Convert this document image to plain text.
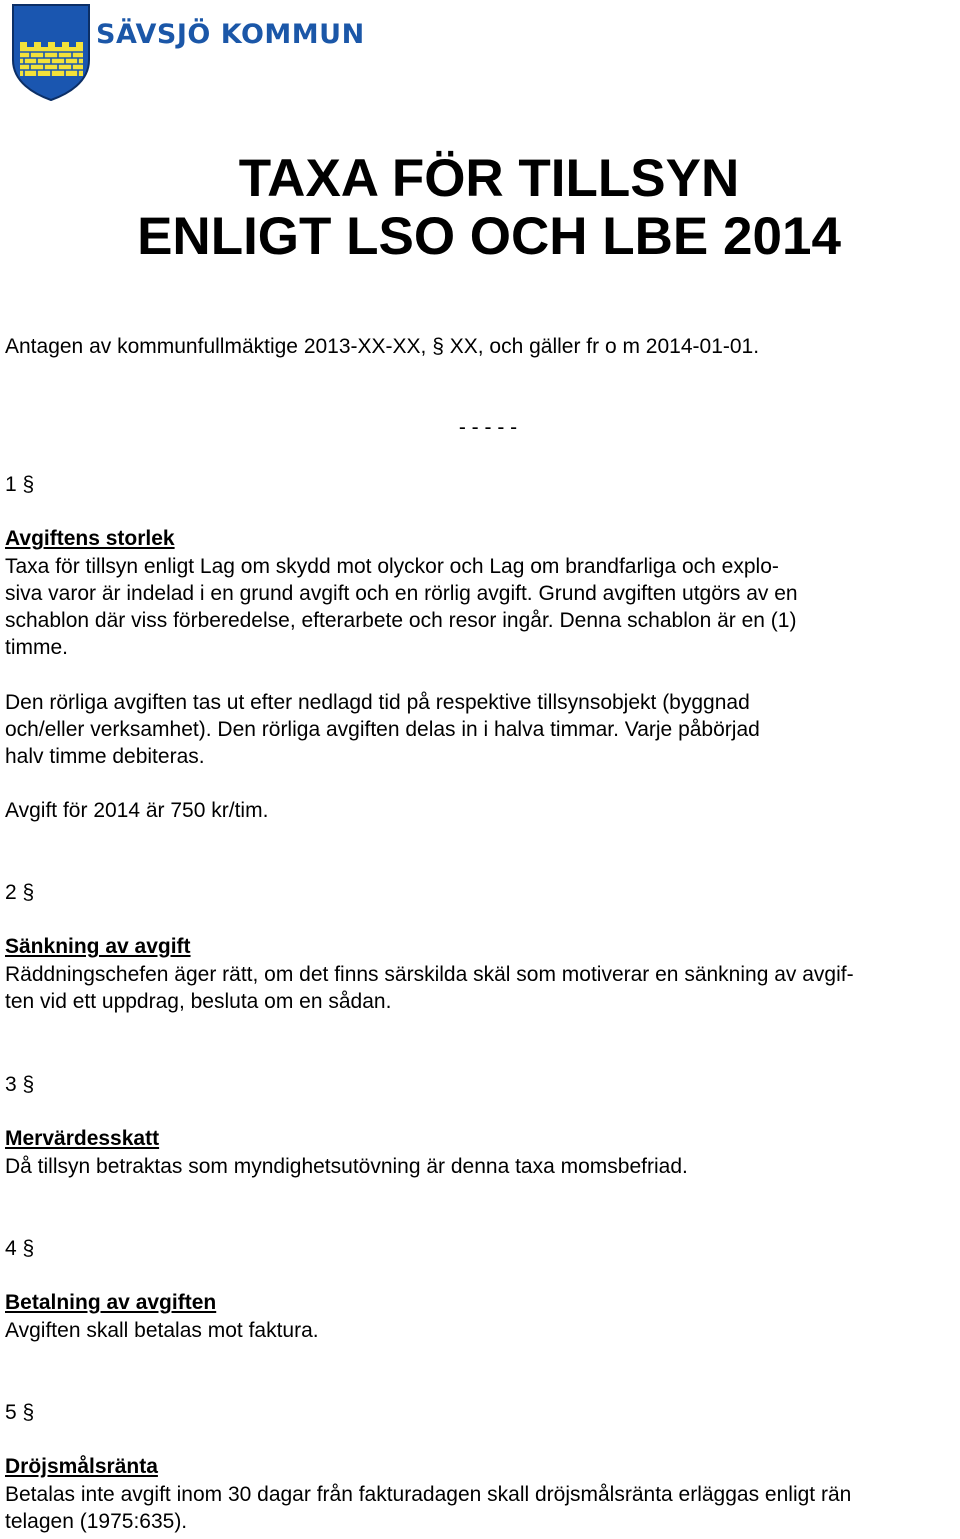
SÄVSJÖ KOMMUN
TAXA FÖR TILLSYN
ENLIGT LSO OCH LBE 2014
Antagen av kommunfullmäktige 2013-XX-XX, § XX, och gäller fr o m 2014-01-01.
- - - - -
1 §
Avgiftens storlek
Taxa för tillsyn enligt Lag om skydd mot olyckor och Lag om brandfarliga och explo-
siva varor är indelad i en grund avgift och en rörlig avgift. Grund avgiften utgörs av en
schablon där viss förberedelse, efterarbete och resor ingår. Denna schablon är en (1)
timme.
Den rörliga avgiften tas ut efter nedlagd tid på respektive tillsynsobjekt (byggnad
och/eller verksamhet). Den rörliga avgiften delas in i halva timmar. Varje påbörjad
halv timme debiteras.
Avgift för 2014 är 750 kr/tim.
2 §
Sänkning av avgift
Räddningschefen äger rätt, om det finns särskilda skäl som motiverar en sänkning av avgif-
ten vid ett uppdrag, besluta om en sådan.
3 §
Mervärdesskatt
Då tillsyn betraktas som myndighetsutövning är denna taxa momsbefriad.
4 §
Betalning av avgiften
Avgiften skall betalas mot faktura.
5 §
Dröjsmålsränta
Betalas inte avgift inom 30 dagar från fakturadagen skall dröjsmålsränta erläggas enligt rän
telagen (1975:635).
